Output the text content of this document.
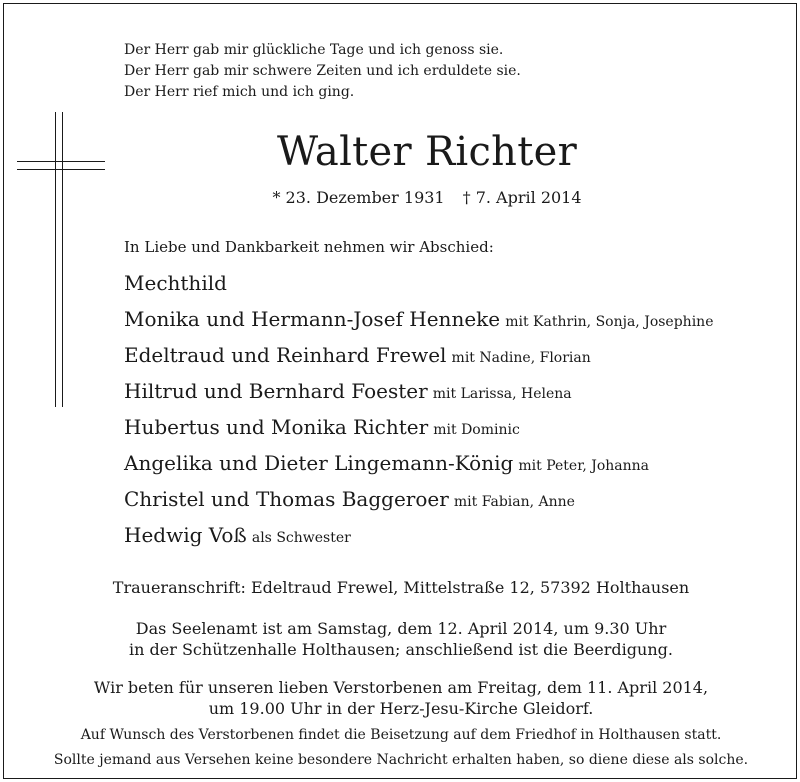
Der Herr gab mir glückliche Tage und ich genoss sie.
Der Herr gab mir schwere Zeiten und ich erduldete sie.
Der Herr rief mich und ich ging.
Walter Richter
* 23. Dezember 1931 † 7. April 2014
In Liebe und Dankbarkeit nehmen wir Abschied:
Mechthild
Monika und Hermann-Josef Henneke mit Kathrin, Sonja, Josephine
Edeltraud und Reinhard Frewel mit Nadine, Florian
Hiltrud und Bernhard Foester mit Larissa, Helena
Hubertus und Monika Richter mit Dominic
Angelika und Dieter Lingemann-König mit Peter, Johanna
Christel und Thomas Baggeroer mit Fabian, Anne
Hedwig Voß als Schwester
Traueranschrift: Edeltraud Frewel, Mittelstraße 12, 57392 Holthausen
Das Seelenamt ist am Samstag, dem 12. April 2014, um 9.30 Uhr
in der Schützenhalle Holthausen; anschließend ist die Beerdigung.
Wir beten für unseren lieben Verstorbenen am Freitag, dem 11. April 2014,
um 19.00 Uhr in der Herz-Jesu-Kirche Gleidorf.
Auf Wunsch des Verstorbenen findet die Beisetzung auf dem Friedhof in Holthausen statt.
Sollte jemand aus Versehen keine besondere Nachricht erhalten haben, so diene diese als solche.
